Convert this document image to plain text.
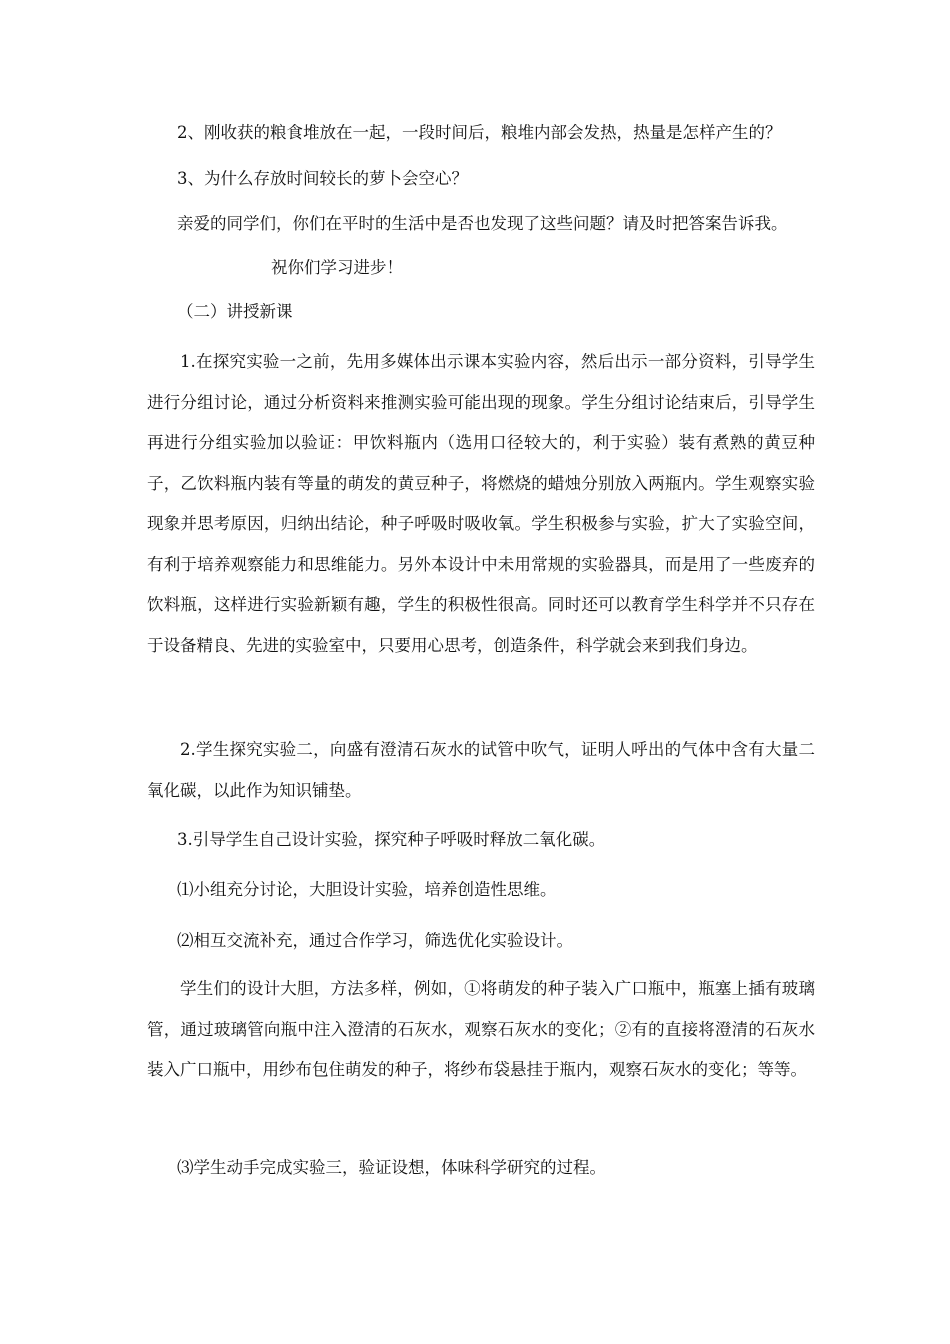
2、刚收获的粮食堆放在一起，一段时间后，粮堆内部会发热，热量是怎样产生的？
3、为什么存放时间较长的萝卜会空心？
亲爱的同学们，你们在平时的生活中是否也发现了这些问题？请及时把答案告诉我。
祝你们学习进步！
（二）讲授新课
1.在探究实验一之前，先用多媒体出示课本实验内容，然后出示一部分资料，引导学生进行分组讨论，通过分析资料来推测实验可能出现的现象。学生分组讨论结束后，引导学生再进行分组实验加以验证：甲饮料瓶内（选用口径较大的，利于实验）装有煮熟的黄豆种子，乙饮料瓶内装有等量的萌发的黄豆种子，将燃烧的蜡烛分别放入两瓶内。学生观察实验现象并思考原因，归纳出结论，种子呼吸时吸收氧。学生积极参与实验，扩大了实验空间，有利于培养观察能力和思维能力。另外本设计中未用常规的实验器具，而是用了一些废弃的饮料瓶，这样进行实验新颖有趣，学生的积极性很高。同时还可以教育学生科学并不只存在于设备精良、先进的实验室中，只要用心思考，创造条件，科学就会来到我们身边。
2.学生探究实验二，向盛有澄清石灰水的试管中吹气，证明人呼出的气体中含有大量二氧化碳，以此作为知识铺垫。
3.引导学生自己设计实验，探究种子呼吸时释放二氧化碳。
⑴小组充分讨论，大胆设计实验，培养创造性思维。
⑵相互交流补充，通过合作学习，筛选优化实验设计。
学生们的设计大胆，方法多样，例如，①将萌发的种子装入广口瓶中，瓶塞上插有玻璃管，通过玻璃管向瓶中注入澄清的石灰水，观察石灰水的变化；②有的直接将澄清的石灰水装入广口瓶中，用纱布包住萌发的种子，将纱布袋悬挂于瓶内，观察石灰水的变化；等等。
⑶学生动手完成实验三，验证设想，体味科学研究的过程。
